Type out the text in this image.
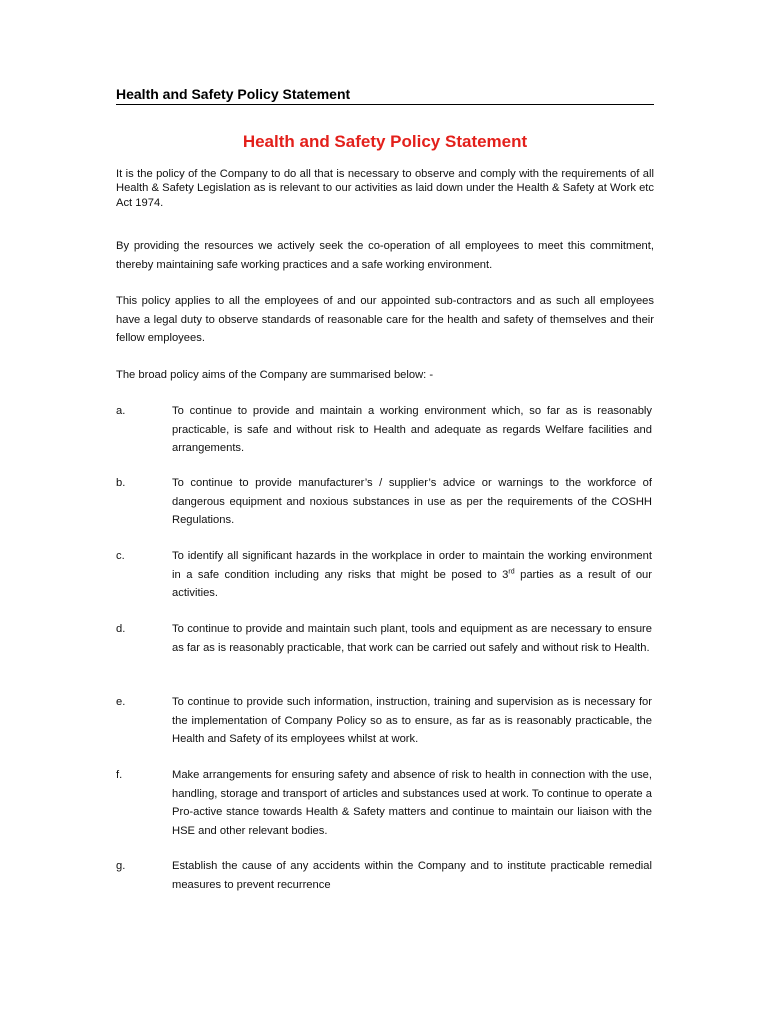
Health and Safety Policy Statement
Health and Safety Policy Statement
It is the policy of the Company to do all that is necessary to observe and comply with the requirements of all Health & Safety Legislation as is relevant to our activities as laid down under the Health & Safety at Work etc Act 1974.
By providing the resources we actively seek the co-operation of all employees to meet this commitment, thereby maintaining safe working practices and a safe working environment.
This policy applies to all the employees of and our appointed sub-contractors and as such all employees have a legal duty to observe standards of reasonable care for the health and safety of themselves and their fellow employees.
The broad policy aims of the Company are summarised below: -
a.	To continue to provide and maintain a working environment which, so far as is reasonably practicable, is safe and without risk to Health and adequate as regards Welfare facilities and arrangements.
b.	To continue to provide manufacturer’s / supplier’s advice or warnings to the workforce of dangerous equipment and noxious substances in use as per the requirements of the COSHH Regulations.
c.	To identify all significant hazards in the workplace in order to maintain the working environment in a safe condition including any risks that might be posed to 3rd parties as a result of our activities.
d.	To continue to provide and maintain such plant, tools and equipment as are necessary to ensure as far as is reasonably practicable, that work can be carried out safely and without risk to Health.
e.	To continue to provide such information, instruction, training and supervision as is necessary for the implementation of Company Policy so as to ensure, as far as is reasonably practicable, the Health and Safety of its employees whilst at work.
f.	Make arrangements for ensuring safety and absence of risk to health in connection with the use, handling, storage and transport of articles and substances used at work. To continue to operate a Pro-active stance towards Health & Safety matters and continue to maintain our liaison with the HSE and other relevant bodies.
g.	Establish the cause of any accidents within the Company and to institute practicable remedial measures to prevent recurrence
